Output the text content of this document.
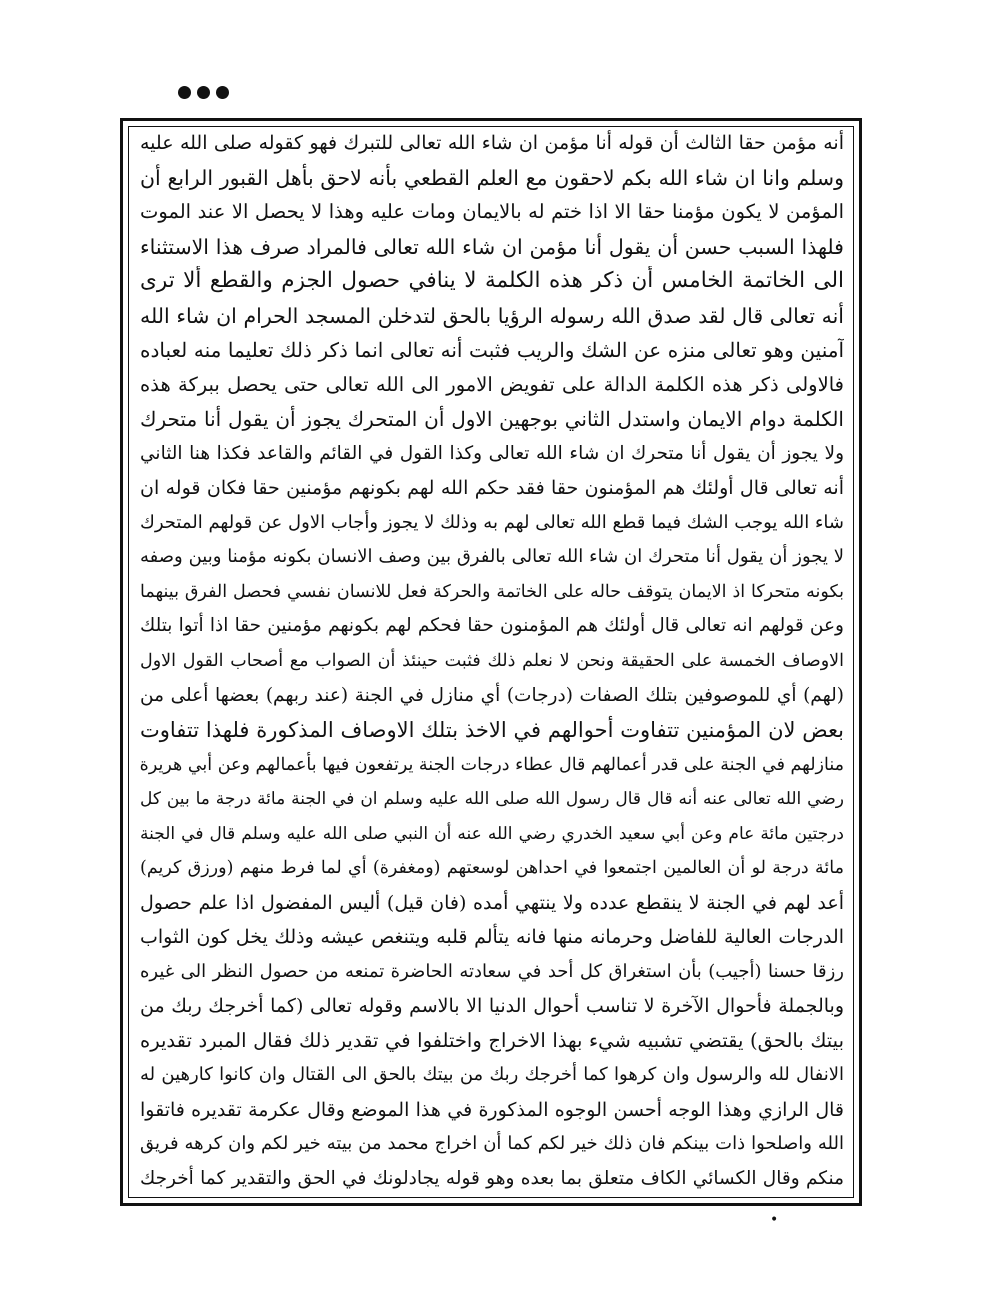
أنه مؤمن حقا الثالث أن قوله أنا مؤمن ان شاء الله تعالى للتبرك فهو كقوله صلى الله عليه
وسلم وانا ان شاء الله بكم لاحقون مع العلم القطعي بأنه لاحق بأهل القبور الرابع أن
المؤمن لا يكون مؤمنا حقا الا اذا ختم له بالايمان ومات عليه وهذا لا يحصل الا عند الموت
فلهذا السبب حسن أن يقول أنا مؤمن ان شاء الله تعالى فالمراد صرف هذا الاستثناء
الى الخاتمة الخامس أن ذكر هذه الكلمة لا ينافي حصول الجزم والقطع ألا ترى
أنه تعالى قال لقد صدق الله رسوله الرؤيا بالحق لتدخلن المسجد الحرام ان شاء الله
آمنين وهو تعالى منزه عن الشك والريب فثبت أنه تعالى انما ذكر ذلك تعليما منه لعباده
فالاولى ذكر هذه الكلمة الدالة على تفويض الامور الى الله تعالى حتى يحصل ببركة هذه
الكلمة دوام الايمان واستدل الثاني بوجهين الاول أن المتحرك يجوز أن يقول أنا متحرك
ولا يجوز أن يقول أنا متحرك ان شاء الله تعالى وكذا القول في القائم والقاعد فكذا هنا الثاني
أنه تعالى قال أولئك هم المؤمنون حقا فقد حكم الله لهم بكونهم مؤمنين حقا فكان قوله ان
شاء الله يوجب الشك فيما قطع الله تعالى لهم به وذلك لا يجوز وأجاب الاول عن قولهم المتحرك
لا يجوز أن يقول أنا متحرك ان شاء الله تعالى بالفرق بين وصف الانسان بكونه مؤمنا وبين وصفه
بكونه متحركا اذ الايمان يتوقف حاله على الخاتمة والحركة فعل للانسان نفسي فحصل الفرق بينهما
وعن قولهم انه تعالى قال أولئك هم المؤمنون حقا فحكم لهم بكونهم مؤمنين حقا اذا أتوا بتلك
الاوصاف الخمسة على الحقيقة ونحن لا نعلم ذلك فثبت حينئذ أن الصواب مع أصحاب القول الاول
(لهم) أي للموصوفين بتلك الصفات (درجات) أي منازل في الجنة (عند ربهم) بعضها أعلى من
بعض لان المؤمنين تتفاوت أحوالهم في الاخذ بتلك الاوصاف المذكورة فلهذا تتفاوت
منازلهم في الجنة على قدر أعمالهم قال عطاء درجات الجنة يرتفعون فيها بأعمالهم وعن أبي هريرة
رضي الله تعالى عنه أنه قال قال رسول الله صلى الله عليه وسلم ان في الجنة مائة درجة ما بين كل
درجتين مائة عام وعن أبي سعيد الخدري رضي الله عنه أن النبي صلى الله عليه وسلم قال في الجنة
مائة درجة لو أن العالمين اجتمعوا في احداهن لوسعتهم (ومغفرة) أي لما فرط منهم (ورزق كريم)
أعد لهم في الجنة لا ينقطع عدده ولا ينتهي أمده (فان قيل) أليس المفضول اذا علم حصول
الدرجات العالية للفاضل وحرمانه منها فانه يتألم قلبه ويتنغص عيشه وذلك يخل كون الثواب
رزقا حسنا (أجيب) بأن استغراق كل أحد في سعادته الحاضرة تمنعه من حصول النظر الى غيره
وبالجملة فأحوال الآخرة لا تناسب أحوال الدنيا الا بالاسم وقوله تعالى (كما أخرجك ربك من
بيتك بالحق) يقتضي تشبيه شيء بهذا الاخراج واختلفوا في تقدير ذلك فقال المبرد تقديره
الانفال لله والرسول وان كرهوا كما أخرجك ربك من بيتك بالحق الى القتال وان كانوا كارهين له
قال الرازي وهذا الوجه أحسن الوجوه المذكورة في هذا الموضع وقال عكرمة تقديره فاتقوا
الله واصلحوا ذات بينكم فان ذلك خير لكم كما أن اخراج محمد من بيته خير لكم وان كرهه فريق
منكم وقال الكسائي الكاف متعلق بما بعده وهو قوله يجادلونك في الحق والتقدير كما أخرجك
•
